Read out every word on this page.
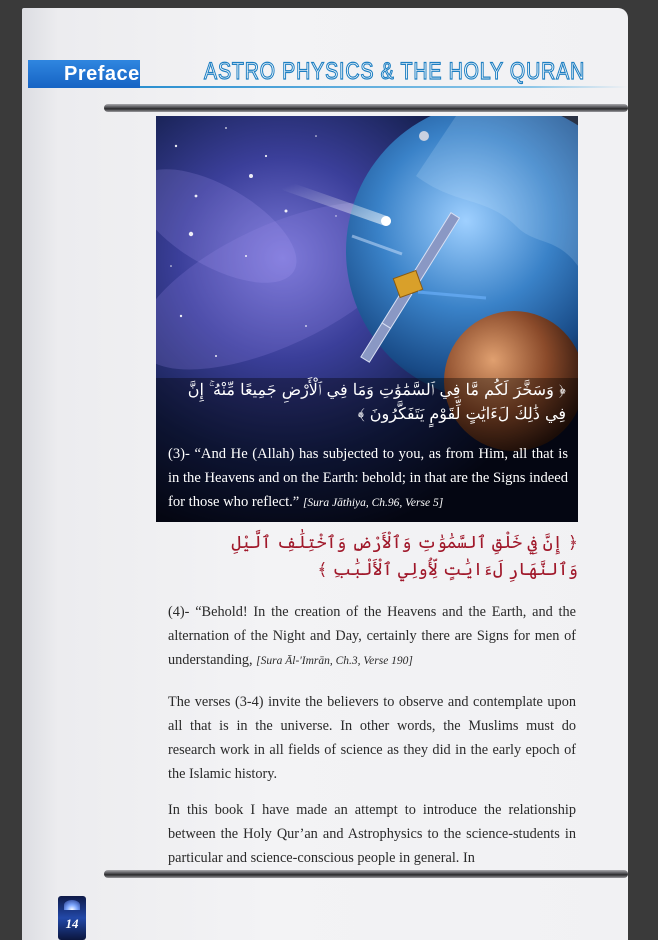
Preface	ASTRO PHYSICS & THE HOLY QURAN
﴿ وَسَخَّرَ لَكُم مَّا فِي ٱلسَّمَٰوَٰتِ وَمَا فِي ٱلْأَرْضِ جَمِيعًا مِّنْهُ ۚ إِنَّ فِي ذَٰلِكَ لَءَايَٰتٍ لِّقَوْمٍ يَتَفَكَّرُونَ ﴾
(3)- “And He (Allah) has subjected to you, as from Him, all that is in the Heavens and on the Earth: behold; in that are the Signs indeed for those who reflect.” [Sura Jāthiya, Ch.96, Verse 5]
﴿ إِنَّ فِي خَلْقِ ٱلسَّمَٰوَٰتِ وَٱلْأَرْضِ وَٱخْتِلَٰفِ ٱلَّيْلِ وَٱلنَّهَارِ لَءَايَٰتٍ لِّأُولِي ٱلْأَلْبَٰبِ ﴾
(4)- “Behold! In the creation of the Heavens and the Earth, and the alternation of the Night and Day, certainly there are Signs for men of understanding, [Sura Āl-'Imrān, Ch.3, Verse 190]
The verses (3-4) invite the believers to observe and contemplate upon all that is in the universe. In other words, the Muslims must do research work in all fields of science as they did in the early epoch of the Islamic history.
In this book I have made an attempt to introduce the relationship between the Holy Qur’an and Astrophysics to the science-students in particular and science-conscious people in general. In
14
